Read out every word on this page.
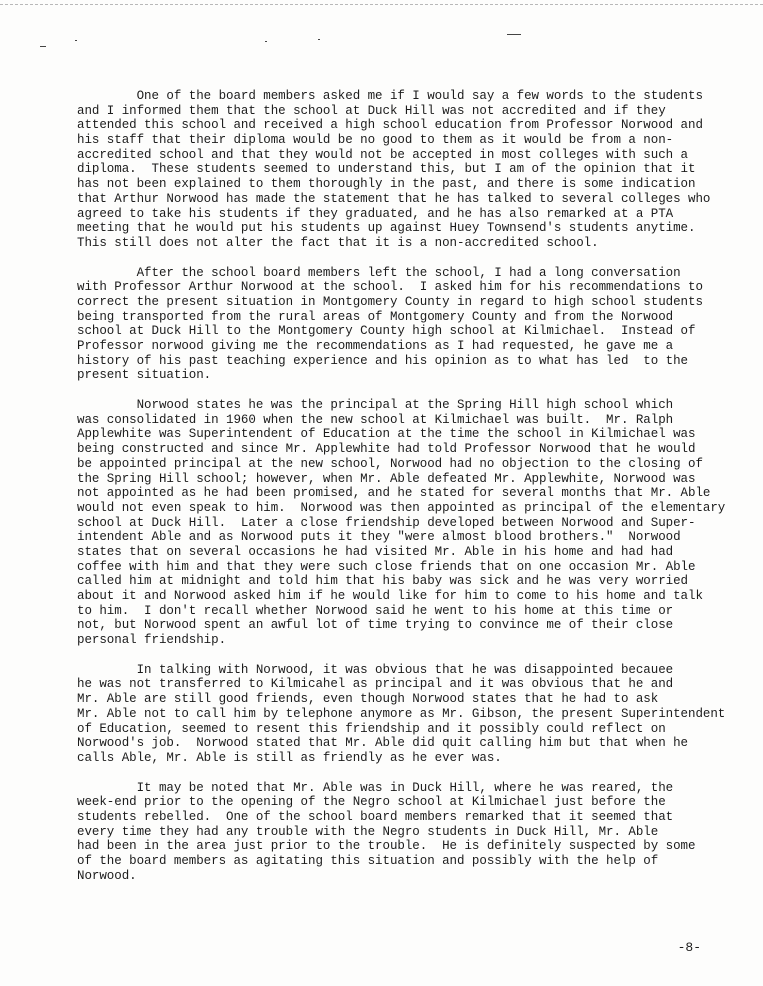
One of the board members asked me if I would say a few words to the students
and I informed them that the school at Duck Hill was not accredited and if they
attended this school and received a high school education from Professor Norwood and
his staff that their diploma would be no good to them as it would be from a non-
accredited school and that they would not be accepted in most colleges with such a
diploma.  These students seemed to understand this, but I am of the opinion that it
has not been explained to them thoroughly in the past, and there is some indication
that Arthur Norwood has made the statement that he has talked to several colleges who
agreed to take his students if they graduated, and he has also remarked at a PTA
meeting that he would put his students up against Huey Townsend's students anytime.
This still does not alter the fact that it is a non-accredited school.
After the school board members left the school, I had a long conversation
with Professor Arthur Norwood at the school.  I asked him for his recommendations to
correct the present situation in Montgomery County in regard to high school students
being transported from the rural areas of Montgomery County and from the Norwood
school at Duck Hill to the Montgomery County high school at Kilmichael.  Instead of
Professor norwood giving me the recommendations as I had requested, he gave me a
history of his past teaching experience and his opinion as to what has led  to the
present situation.
Norwood states he was the principal at the Spring Hill high school which
was consolidated in 1960 when the new school at Kilmichael was built.  Mr. Ralph
Applewhite was Superintendent of Education at the time the school in Kilmichael was
being constructed and since Mr. Applewhite had told Professor Norwood that he would
be appointed principal at the new school, Norwood had no objection to the closing of
the Spring Hill school; however, when Mr. Able defeated Mr. Applewhite, Norwood was
not appointed as he had been promised, and he stated for several months that Mr. Able
would not even speak to him.  Norwood was then appointed as principal of the elementary
school at Duck Hill.  Later a close friendship developed between Norwood and Super-
intendent Able and as Norwood puts it they "were almost blood brothers."  Norwood
states that on several occasions he had visited Mr. Able in his home and had had
coffee with him and that they were such close friends that on one occasion Mr. Able
called him at midnight and told him that his baby was sick and he was very worried
about it and Norwood asked him if he would like for him to come to his home and talk
to him.  I don't recall whether Norwood said he went to his home at this time or
not, but Norwood spent an awful lot of time trying to convince me of their close
personal friendship.
In talking with Norwood, it was obvious that he was disappointed becauee
he was not transferred to Kilmicahel as principal and it was obvious that he and
Mr. Able are still good friends, even though Norwood states that he had to ask
Mr. Able not to call him by telephone anymore as Mr. Gibson, the present Superintendent
of Education, seemed to resent this friendship and it possibly could reflect on
Norwood's job.  Norwood stated that Mr. Able did quit calling him but that when he
calls Able, Mr. Able is still as friendly as he ever was.
It may be noted that Mr. Able was in Duck Hill, where he was reared, the
week-end prior to the opening of the Negro school at Kilmichael just before the
students rebelled.  One of the school board members remarked that it seemed that
every time they had any trouble with the Negro students in Duck Hill, Mr. Able
had been in the area just prior to the trouble.  He is definitely suspected by some
of the board members as agitating this situation and possibly with the help of
Norwood.
-8-
